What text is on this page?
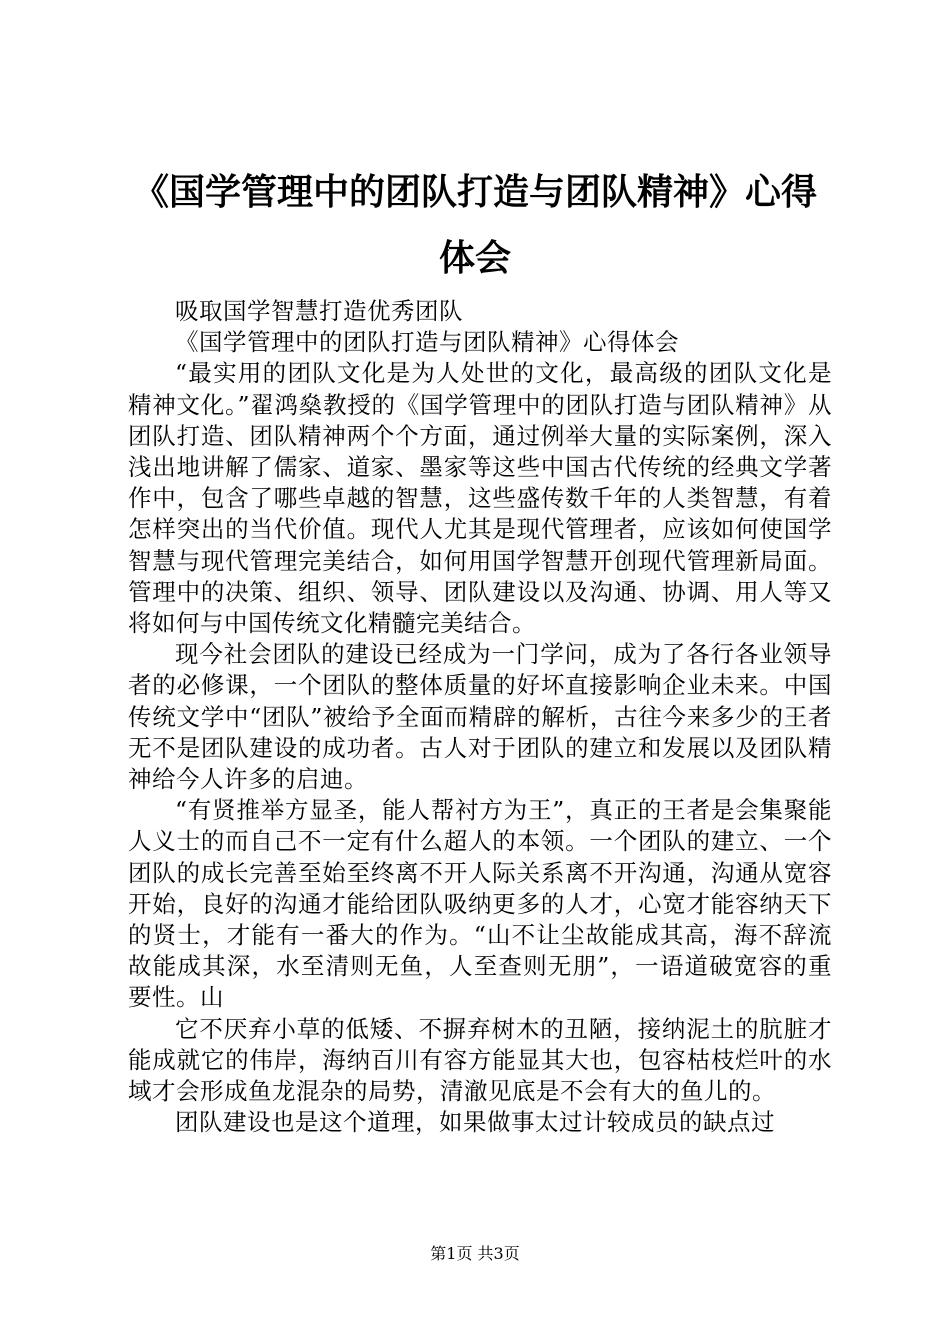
《国学管理中的团队打造与团队精神》心得体会

吸取国学智慧打造优秀团队

《国学管理中的团队打造与团队精神》心得体会

“最实用的团队文化是为人处世的文化，最高级的团队文化是精神文化。”翟鸿燊教授的《国学管理中的团队打造与团队精神》从团队打造、团队精神两个个方面，通过例举大量的实际案例，深入浅出地讲解了儒家、道家、墨家等这些中国古代传统的经典文学著作中，包含了哪些卓越的智慧，这些盛传数千年的人类智慧，有着怎样突出的当代价值。现代人尤其是现代管理者，应该如何使国学智慧与现代管理完美结合，如何用国学智慧开创现代管理新局面。管理中的决策、组织、领导、团队建设以及沟通、协调、用人等又将如何与中国传统文化精髓完美结合。

现今社会团队的建设已经成为一门学问，成为了各行各业领导者的必修课，一个团队的整体质量的好坏直接影响企业未来。中国传统文学中“团队”被给予全面而精辟的解析，古往今来多少的王者无不是团队建设的成功者。古人对于团队的建立和发展以及团队精神给今人许多的启迪。

“有贤推举方显圣，能人帮衬方为王”，真正的王者是会集聚能人义士的而自己不一定有什么超人的本领。一个团队的建立、一个团队的成长完善至始至终离不开人际关系离不开沟通，沟通从宽容开始，良好的沟通才能给团队吸纳更多的人才，心宽才能容纳天下的贤士，才能有一番大的作为。“山不让尘故能成其高，海不辞流故能成其深，水至清则无鱼，人至查则无朋”，一语道破宽容的重要性。山

它不厌弃小草的低矮、不摒弃树木的丑陋，接纳泥土的肮脏才能成就它的伟岸，海纳百川有容方能显其大也，包容枯枝烂叶的水域才会形成鱼龙混杂的局势，清澈见底是不会有大的鱼儿的。

团队建设也是这个道理，如果做事太过计较成员的缺点过

第1页 共3页
